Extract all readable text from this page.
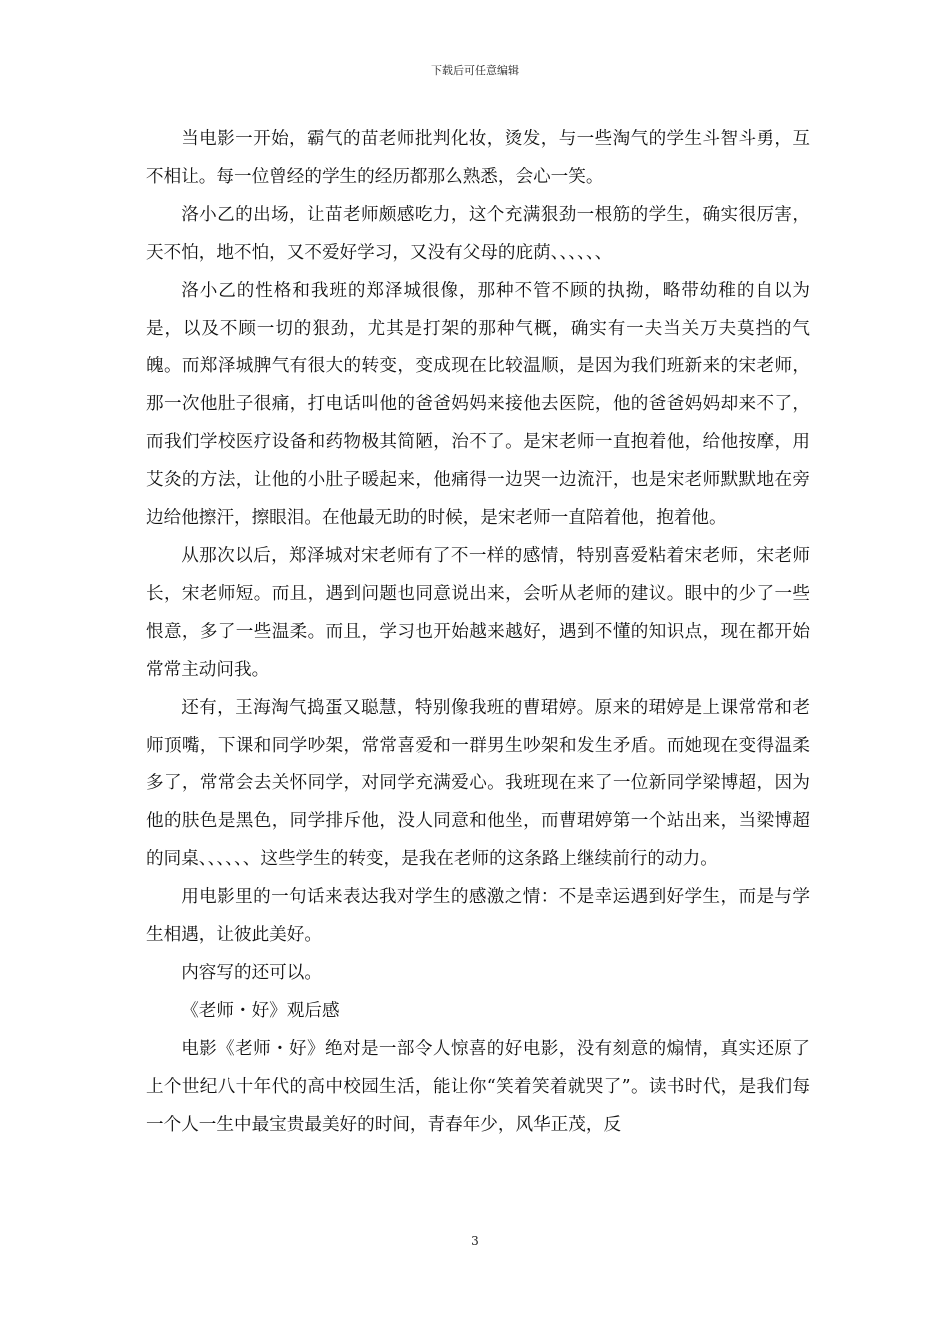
下载后可任意编辑

当电影一开始，霸气的苗老师批判化妆，烫发，与一些淘气的学生斗智斗勇，互不相让。每一位曾经的学生的经历都那么熟悉，会心一笑。

洛小乙的出场，让苗老师颇感吃力，这个充满狠劲一根筋的学生，确实很厉害，天不怕，地不怕，又不爱好学习，又没有父母的庇荫、、、、、、

洛小乙的性格和我班的郑泽城很像，那种不管不顾的执拗，略带幼稚的自以为是，以及不顾一切的狠劲，尤其是打架的那种气概，确实有一夫当关万夫莫挡的气魄。而郑泽城脾气有很大的转变，变成现在比较温顺，是因为我们班新来的宋老师，那一次他肚子很痛，打电话叫他的爸爸妈妈来接他去医院，他的爸爸妈妈却来不了，而我们学校医疗设备和药物极其简陋，治不了。是宋老师一直抱着他，给他按摩，用艾灸的方法，让他的小肚子暖起来，他痛得一边哭一边流汗，也是宋老师默默地在旁边给他擦汗，擦眼泪。在他最无助的时候，是宋老师一直陪着他，抱着他。

从那次以后，郑泽城对宋老师有了不一样的感情，特别喜爱粘着宋老师，宋老师长，宋老师短。而且，遇到问题也同意说出来，会听从老师的建议。眼中的少了一些恨意，多了一些温柔。而且，学习也开始越来越好，遇到不懂的知识点，现在都开始常常主动问我。

还有，王海淘气捣蛋又聪慧，特别像我班的曹珺婷。原来的珺婷是上课常常和老师顶嘴，下课和同学吵架，常常喜爱和一群男生吵架和发生矛盾。而她现在变得温柔多了，常常会去关怀同学，对同学充满爱心。我班现在来了一位新同学梁博超，因为他的肤色是黑色，同学排斥他，没人同意和他坐，而曹珺婷第一个站出来，当梁博超的同桌、、、、、、这些学生的转变，是我在老师的这条路上继续前行的动力。

用电影里的一句话来表达我对学生的感激之情：不是幸运遇到好学生，而是与学生相遇，让彼此美好。

内容写的还可以。

《老师・好》观后感

电影《老师・好》绝对是一部令人惊喜的好电影，没有刻意的煽情，真实还原了上个世纪八十年代的高中校园生活，能让你“笑着笑着就哭了”。读书时代，是我们每一个人一生中最宝贵最美好的时间，青春年少，风华正茂，反

3
